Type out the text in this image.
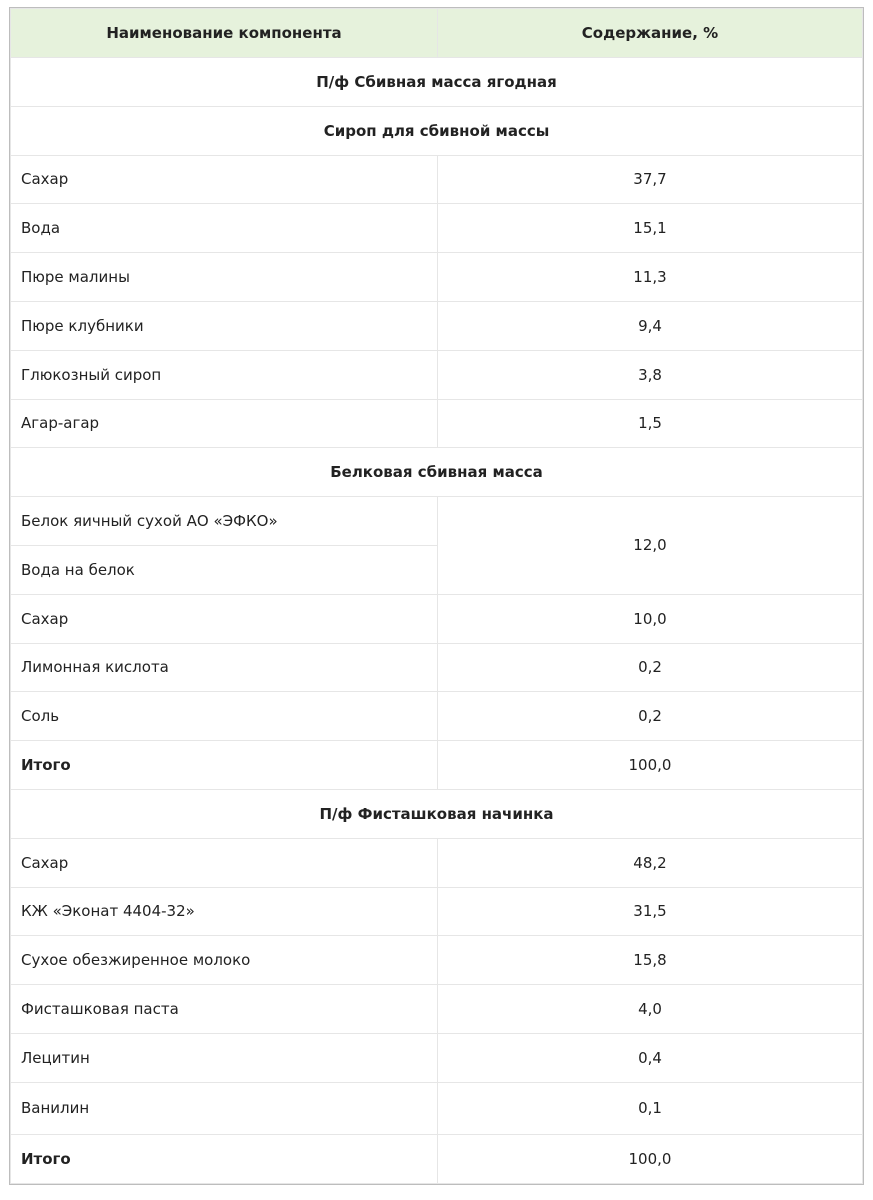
Наименование компонента	Содержание, %
П/ф Сбивная масса ягодная	
Сироп для сбивной массы	
Сахар	37,7
Вода	15,1
Пюре малины	11,3
Пюре клубники	9,4
Глюкозный сироп	3,8
Агар-агар	1,5
Белковая сбивная масса	
Белок яичный сухой АО «ЭФКО»	12,0
Вода на белок	
Сахар	10,0
Лимонная кислота	0,2
Соль	0,2
Итого	100,0
П/ф Фисташковая начинка	
Сахар	48,2
КЖ «Эконат 4404-32»	31,5
Сухое обезжиренное молоко	15,8
Фисташковая паста	4,0
Лецитин	0,4
Ванилин	0,1
Итого	100,0
